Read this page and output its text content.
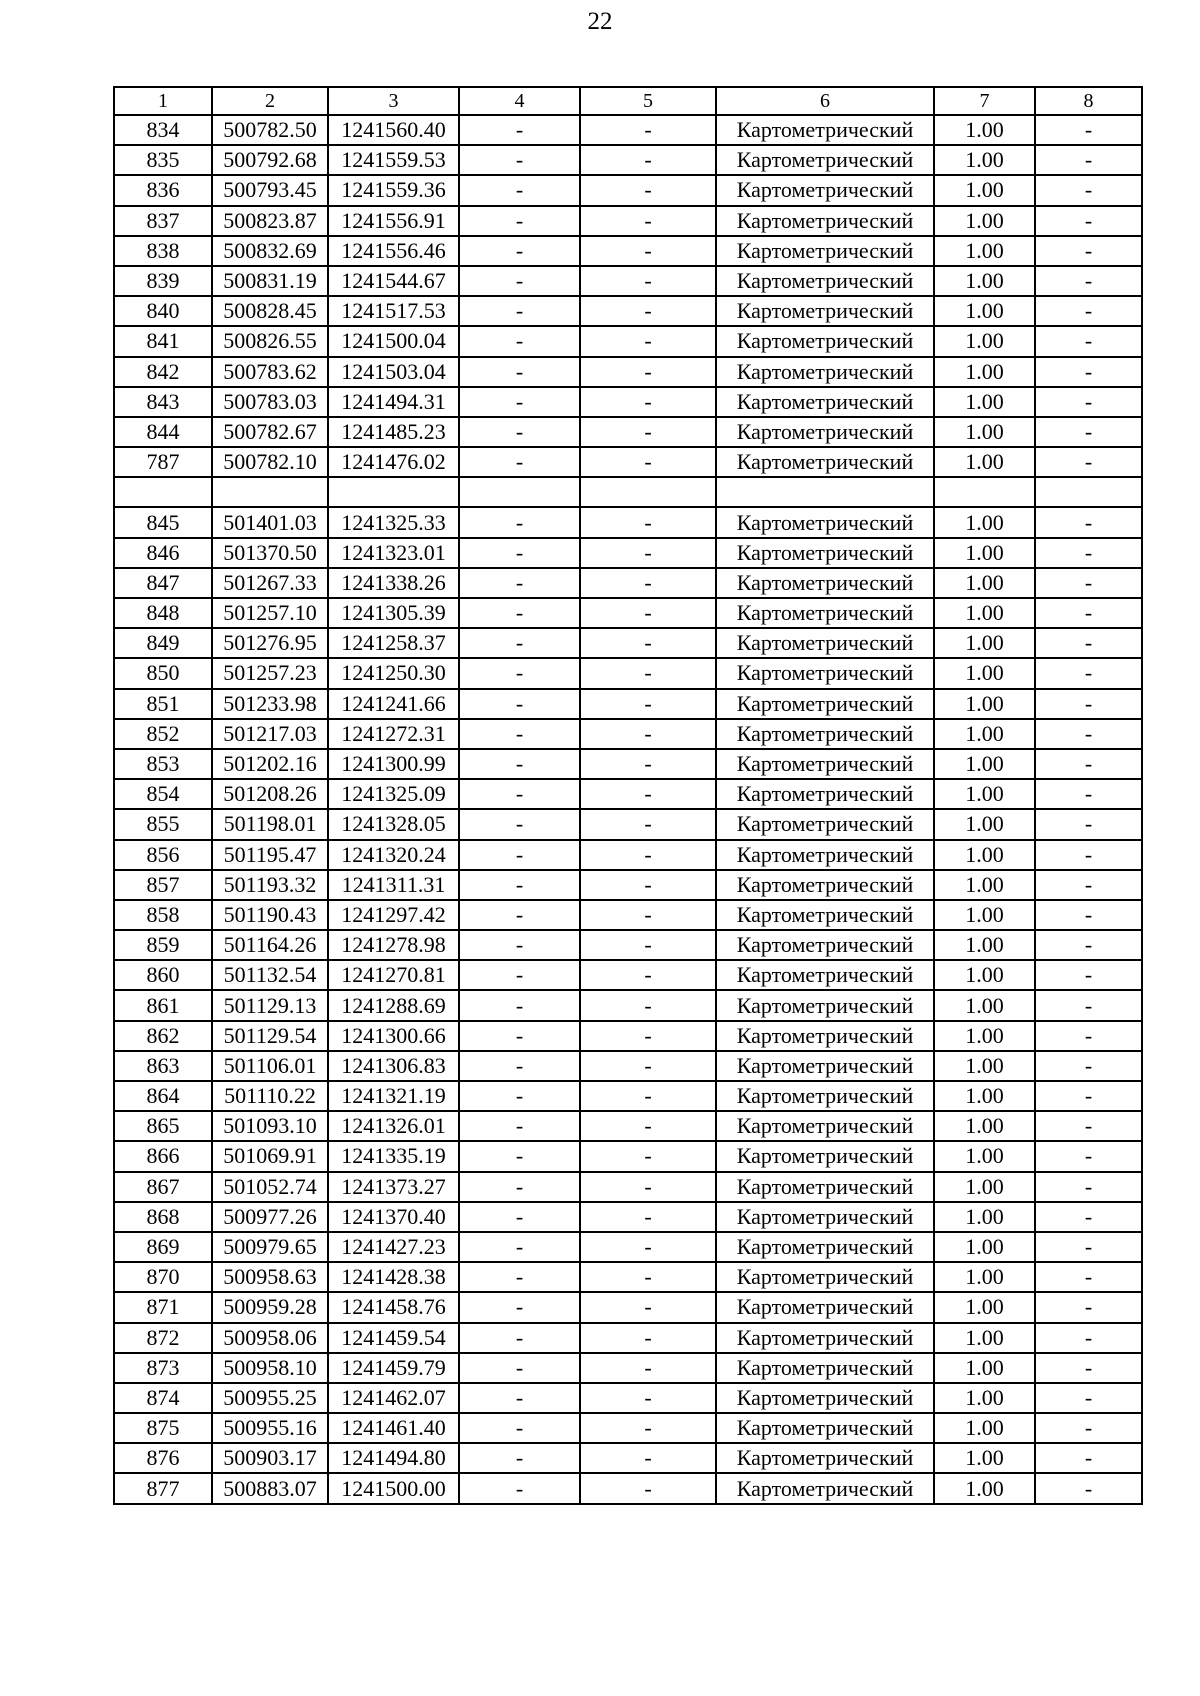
22
1	2	3	4	5	6	7	8
834	500782.50	1241560.40	-	-	Картометрический	1.00	-
835	500792.68	1241559.53	-	-	Картометрический	1.00	-
836	500793.45	1241559.36	-	-	Картометрический	1.00	-
837	500823.87	1241556.91	-	-	Картометрический	1.00	-
838	500832.69	1241556.46	-	-	Картометрический	1.00	-
839	500831.19	1241544.67	-	-	Картометрический	1.00	-
840	500828.45	1241517.53	-	-	Картометрический	1.00	-
841	500826.55	1241500.04	-	-	Картометрический	1.00	-
842	500783.62	1241503.04	-	-	Картометрический	1.00	-
843	500783.03	1241494.31	-	-	Картометрический	1.00	-
844	500782.67	1241485.23	-	-	Картометрический	1.00	-
787	500782.10	1241476.02	-	-	Картометрический	1.00	-

845	501401.03	1241325.33	-	-	Картометрический	1.00	-
846	501370.50	1241323.01	-	-	Картометрический	1.00	-
847	501267.33	1241338.26	-	-	Картометрический	1.00	-
848	501257.10	1241305.39	-	-	Картометрический	1.00	-
849	501276.95	1241258.37	-	-	Картометрический	1.00	-
850	501257.23	1241250.30	-	-	Картометрический	1.00	-
851	501233.98	1241241.66	-	-	Картометрический	1.00	-
852	501217.03	1241272.31	-	-	Картометрический	1.00	-
853	501202.16	1241300.99	-	-	Картометрический	1.00	-
854	501208.26	1241325.09	-	-	Картометрический	1.00	-
855	501198.01	1241328.05	-	-	Картометрический	1.00	-
856	501195.47	1241320.24	-	-	Картометрический	1.00	-
857	501193.32	1241311.31	-	-	Картометрический	1.00	-
858	501190.43	1241297.42	-	-	Картометрический	1.00	-
859	501164.26	1241278.98	-	-	Картометрический	1.00	-
860	501132.54	1241270.81	-	-	Картометрический	1.00	-
861	501129.13	1241288.69	-	-	Картометрический	1.00	-
862	501129.54	1241300.66	-	-	Картометрический	1.00	-
863	501106.01	1241306.83	-	-	Картометрический	1.00	-
864	501110.22	1241321.19	-	-	Картометрический	1.00	-
865	501093.10	1241326.01	-	-	Картометрический	1.00	-
866	501069.91	1241335.19	-	-	Картометрический	1.00	-
867	501052.74	1241373.27	-	-	Картометрический	1.00	-
868	500977.26	1241370.40	-	-	Картометрический	1.00	-
869	500979.65	1241427.23	-	-	Картометрический	1.00	-
870	500958.63	1241428.38	-	-	Картометрический	1.00	-
871	500959.28	1241458.76	-	-	Картометрический	1.00	-
872	500958.06	1241459.54	-	-	Картометрический	1.00	-
873	500958.10	1241459.79	-	-	Картометрический	1.00	-
874	500955.25	1241462.07	-	-	Картометрический	1.00	-
875	500955.16	1241461.40	-	-	Картометрический	1.00	-
876	500903.17	1241494.80	-	-	Картометрический	1.00	-
877	500883.07	1241500.00	-	-	Картометрический	1.00	-
